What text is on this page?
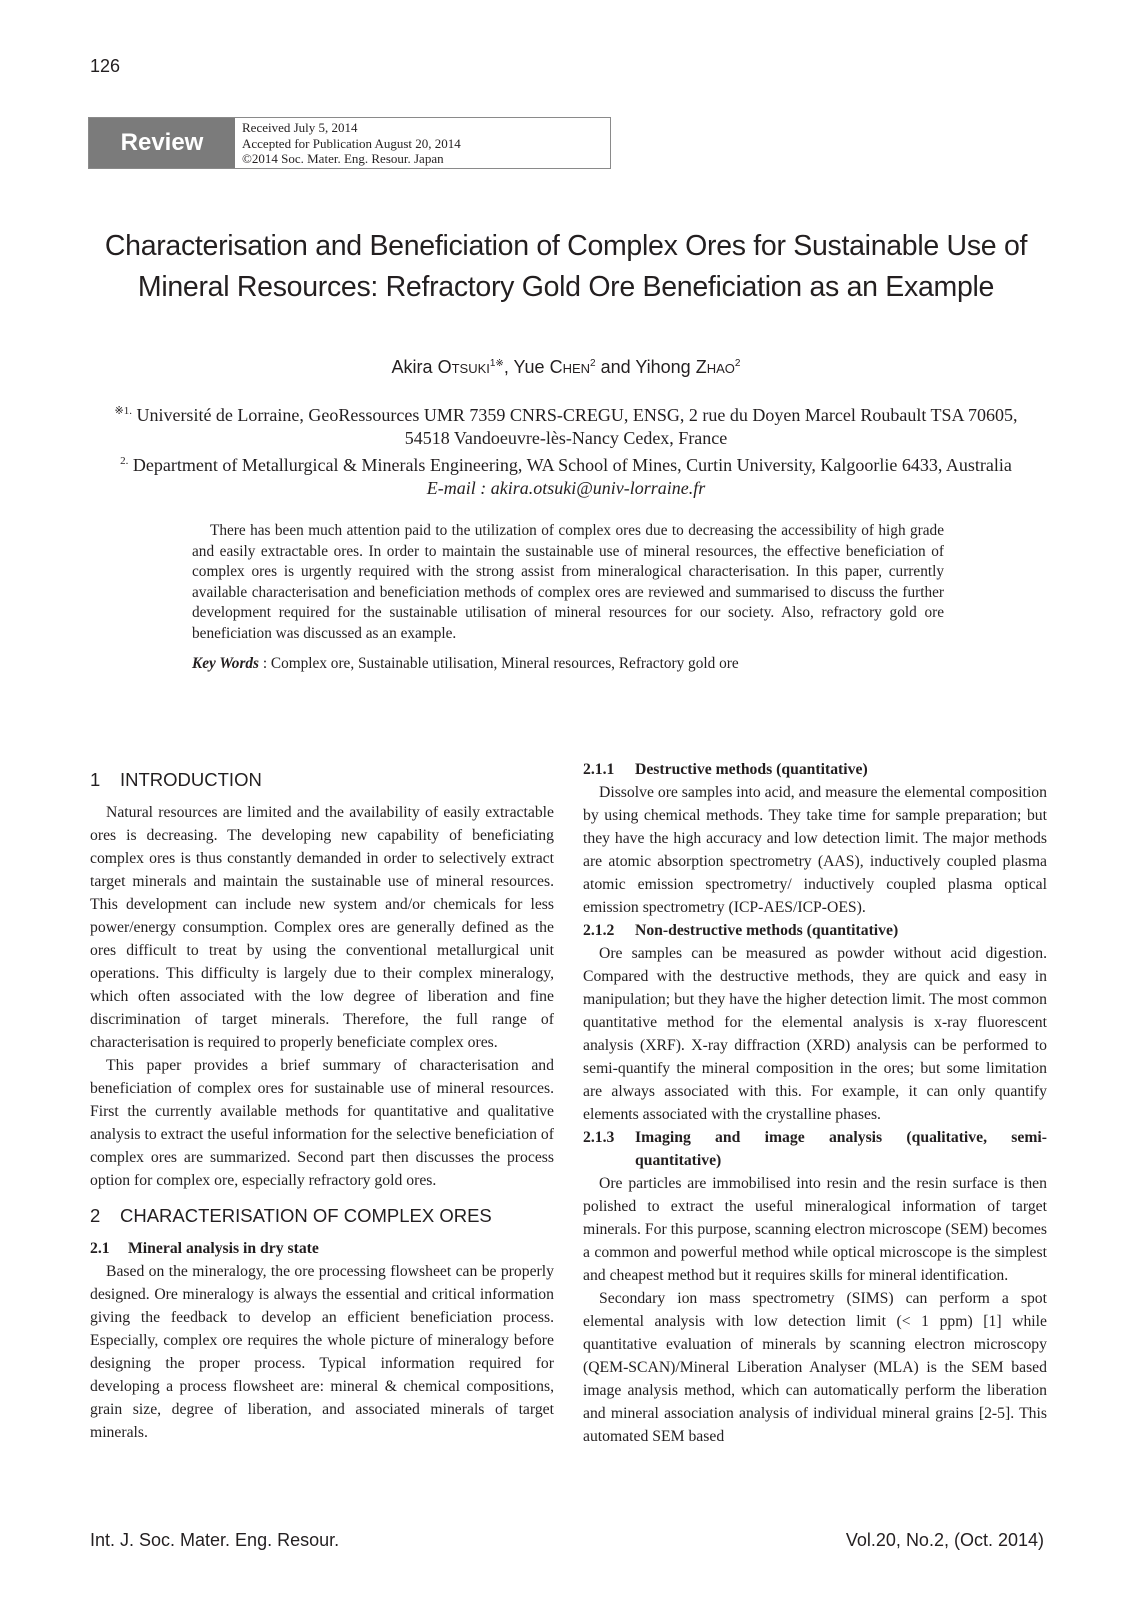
126
Review
Received July 5, 2014
Accepted for Publication August 20, 2014
©2014 Soc. Mater. Eng. Resour. Japan
Characterisation and Beneficiation of Complex Ores for Sustainable Use of Mineral Resources: Refractory Gold Ore Beneficiation as an Example
Akira $OTSUKI^{1※}$, Yue CHEN$^2$ and Yihong ZHAO$^2$
$^{※1.}$ Université de Lorraine, GeoRessources UMR 7359 CNRS-CREGU, ENSG, 2 rue du Doyen Marcel Roubault TSA 70605,
54518 Vandoeuvre-lès-Nancy Cedex, France
$^{2.}$ Department of Metallurgical & Minerals Engineering, WA School of Mines, Curtin University, Kalgoorlie 6433, Australia
E-mail : akira.otsuki@univ-lorraine.fr

There has been much attention paid to the utilization of complex ores due to decreasing the accessibility of high grade and easily extractable ores. In order to maintain the sustainable use of mineral resources, the effective beneficiation of complex ores is urgently required with the strong assist from mineralogical characterisation. In this paper, currently available characterisation and beneficiation methods of complex ores are reviewed and summarised to discuss the further development required for the sustainable utilisation of mineral resources for our society. Also, refractory gold ore beneficiation was discussed as an example.

Key Words : Complex ore, Sustainable utilisation, Mineral resources, Refractory gold ore
1 INTRODUCTION

Natural resources are limited and the availability of easily extractable ores is decreasing. The developing new capability of beneficiating complex ores is thus constantly demanded in order to selectively extract target minerals and maintain the sustainable use of mineral resources. This development can include new system and/or chemicals for less power/energy consumption. Complex ores are generally defined as the ores difficult to treat by using the conventional metallurgical unit operations. This difficulty is largely due to their complex mineralogy, which often associated with the low degree of liberation and fine discrimination of target minerals. Therefore, the full range of characterisation is required to properly beneficiate complex ores.

This paper provides a brief summary of characterisation and beneficiation of complex ores for sustainable use of mineral resources. First the currently available methods for quantitative and qualitative analysis to extract the useful information for the selective beneficiation of complex ores are summarized. Second part then discusses the process option for complex ore, especially refractory gold ores.

2 CHARACTERISATION OF COMPLEX ORES
2.1 Mineral analysis in dry state

Based on the mineralogy, the ore processing flowsheet can be properly designed. Ore mineralogy is always the essential and critical information giving the feedback to develop an efficient beneficiation process. Especially, complex ore requires the whole picture of mineralogy before designing the proper process. Typical information required for developing a process flowsheet are: mineral & chemical compositions, grain size, degree of liberation, and associated minerals of target minerals.

2.1.1 Destructive methods (quantitative)

Dissolve ore samples into acid, and measure the elemental composition by using chemical methods. They take time for sample preparation; but they have the high accuracy and low detection limit. The major methods are atomic absorption spectrometry (AAS), inductively coupled plasma atomic emission spectrometry/ inductively coupled plasma optical emission spectrometry (ICP-AES/ICP-OES).

2.1.2 Non-destructive methods (quantitative)

Ore samples can be measured as powder without acid digestion. Compared with the destructive methods, they are quick and easy in manipulation; but they have the higher detection limit. The most common quantitative method for the elemental analysis is x-ray fluorescent analysis (XRF). X-ray diffraction (XRD) analysis can be performed to semi-quantify the mineral composition in the ores; but some limitation are always associated with this. For example, it can only quantify elements associated with the crystalline phases.

2.1.3	Imaging and image analysis (qualitative, semi-
quantitative)

Ore particles are immobilised into resin and the resin surface is then polished to extract the useful mineralogical information of target minerals. For this purpose, scanning electron microscope (SEM) becomes a common and powerful method while optical microscope is the simplest and cheapest method but it requires skills for mineral identification.

Secondary ion mass spectrometry (SIMS) can perform a spot elemental analysis with low detection limit (< 1 ppm) [1] while quantitative evaluation of minerals by scanning electron microscopy (QEM-SCAN)/Mineral Liberation Analyser (MLA) is the SEM based image analysis method, which can automatically perform the liberation and mineral association analysis of individual mineral grains [2-5]. This automated SEM based

Int. J. Soc. Mater. Eng. Resour.	Vol.20, No.2, (Oct. 2014)
